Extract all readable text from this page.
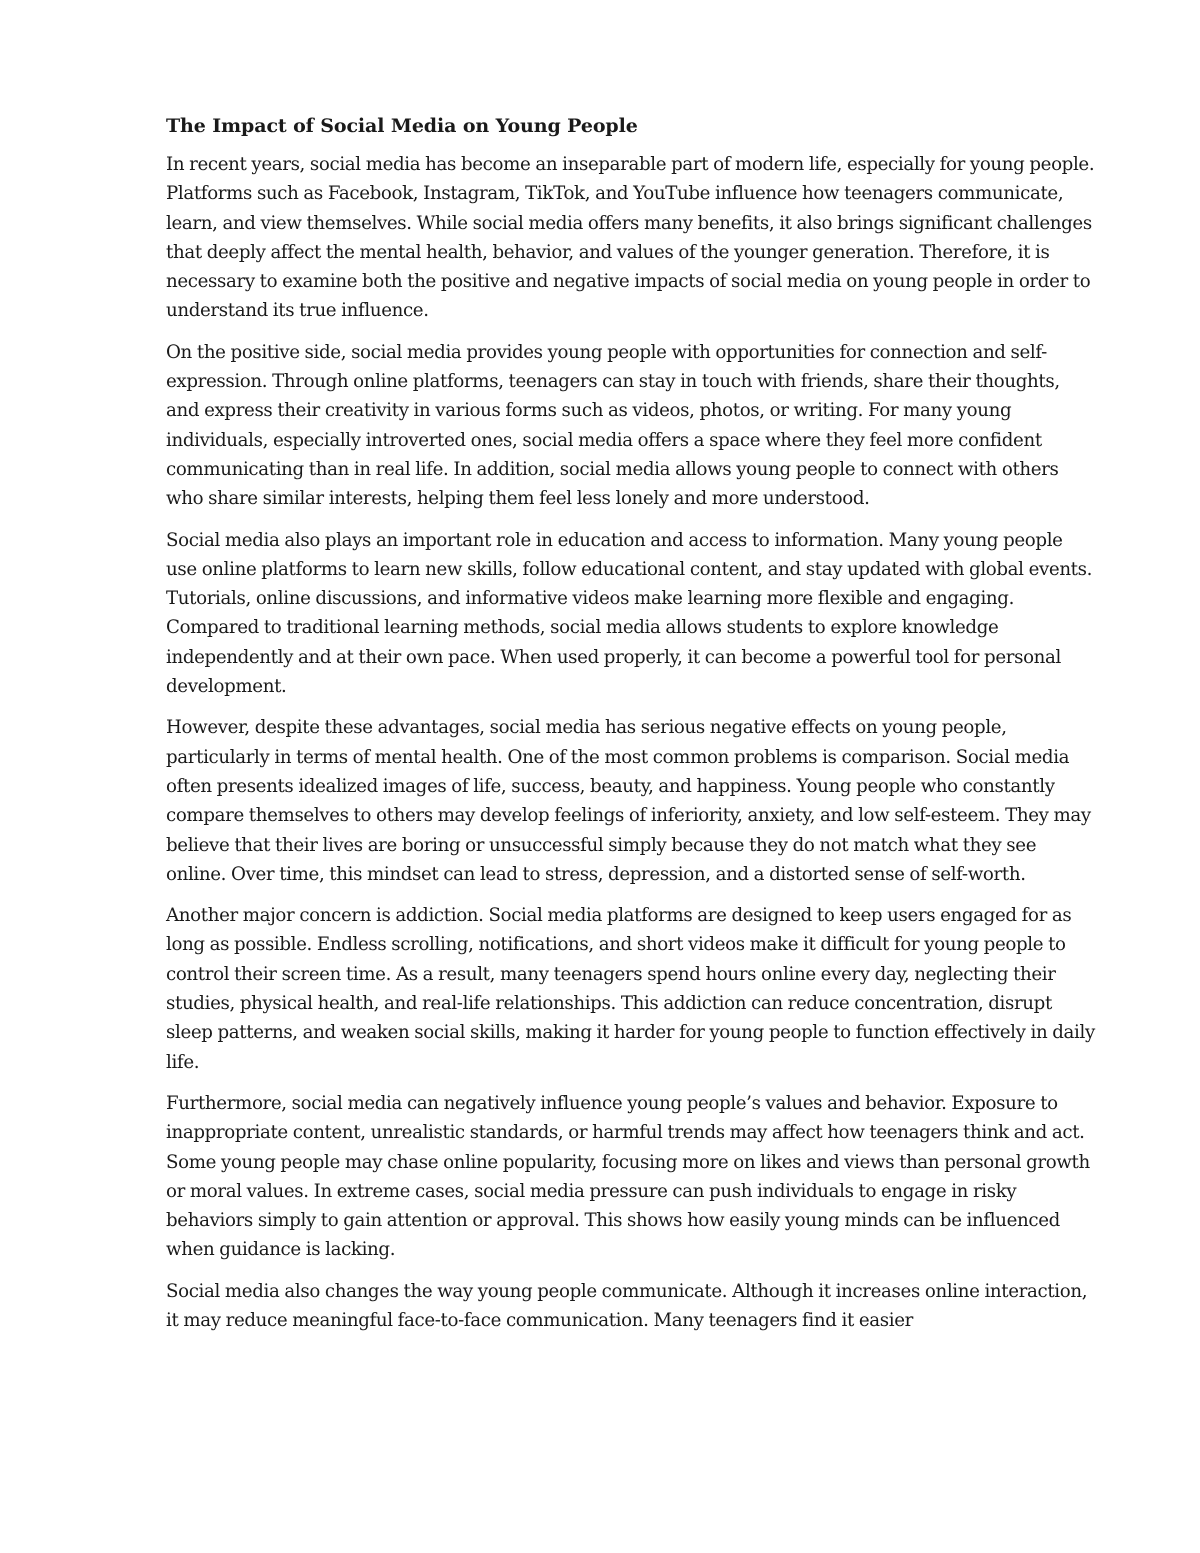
The Impact of Social Media on Young People

In recent years, social media has become an inseparable part of modern life, especially for young people. Platforms such as Facebook, Instagram, TikTok, and YouTube influence how teenagers communicate, learn, and view themselves. While social media offers many benefits, it also brings significant challenges that deeply affect the mental health, behavior, and values of the younger generation. Therefore, it is necessary to examine both the positive and negative impacts of social media on young people in order to understand its true influence.

On the positive side, social media provides young people with opportunities for connection and self-expression. Through online platforms, teenagers can stay in touch with friends, share their thoughts, and express their creativity in various forms such as videos, photos, or writing. For many young individuals, especially introverted ones, social media offers a space where they feel more confident communicating than in real life. In addition, social media allows young people to connect with others who share similar interests, helping them feel less lonely and more understood.

Social media also plays an important role in education and access to information. Many young people use online platforms to learn new skills, follow educational content, and stay updated with global events. Tutorials, online discussions, and informative videos make learning more flexible and engaging. Compared to traditional learning methods, social media allows students to explore knowledge independently and at their own pace. When used properly, it can become a powerful tool for personal development.

However, despite these advantages, social media has serious negative effects on young people, particularly in terms of mental health. One of the most common problems is comparison. Social media often presents idealized images of life, success, beauty, and happiness. Young people who constantly compare themselves to others may develop feelings of inferiority, anxiety, and low self-esteem. They may believe that their lives are boring or unsuccessful simply because they do not match what they see online. Over time, this mindset can lead to stress, depression, and a distorted sense of self-worth.

Another major concern is addiction. Social media platforms are designed to keep users engaged for as long as possible. Endless scrolling, notifications, and short videos make it difficult for young people to control their screen time. As a result, many teenagers spend hours online every day, neglecting their studies, physical health, and real-life relationships. This addiction can reduce concentration, disrupt sleep patterns, and weaken social skills, making it harder for young people to function effectively in daily life.

Furthermore, social media can negatively influence young people’s values and behavior. Exposure to inappropriate content, unrealistic standards, or harmful trends may affect how teenagers think and act. Some young people may chase online popularity, focusing more on likes and views than personal growth or moral values. In extreme cases, social media pressure can push individuals to engage in risky behaviors simply to gain attention or approval. This shows how easily young minds can be influenced when guidance is lacking.

Social media also changes the way young people communicate. Although it increases online interaction, it may reduce meaningful face-to-face communication. Many teenagers find it easier
